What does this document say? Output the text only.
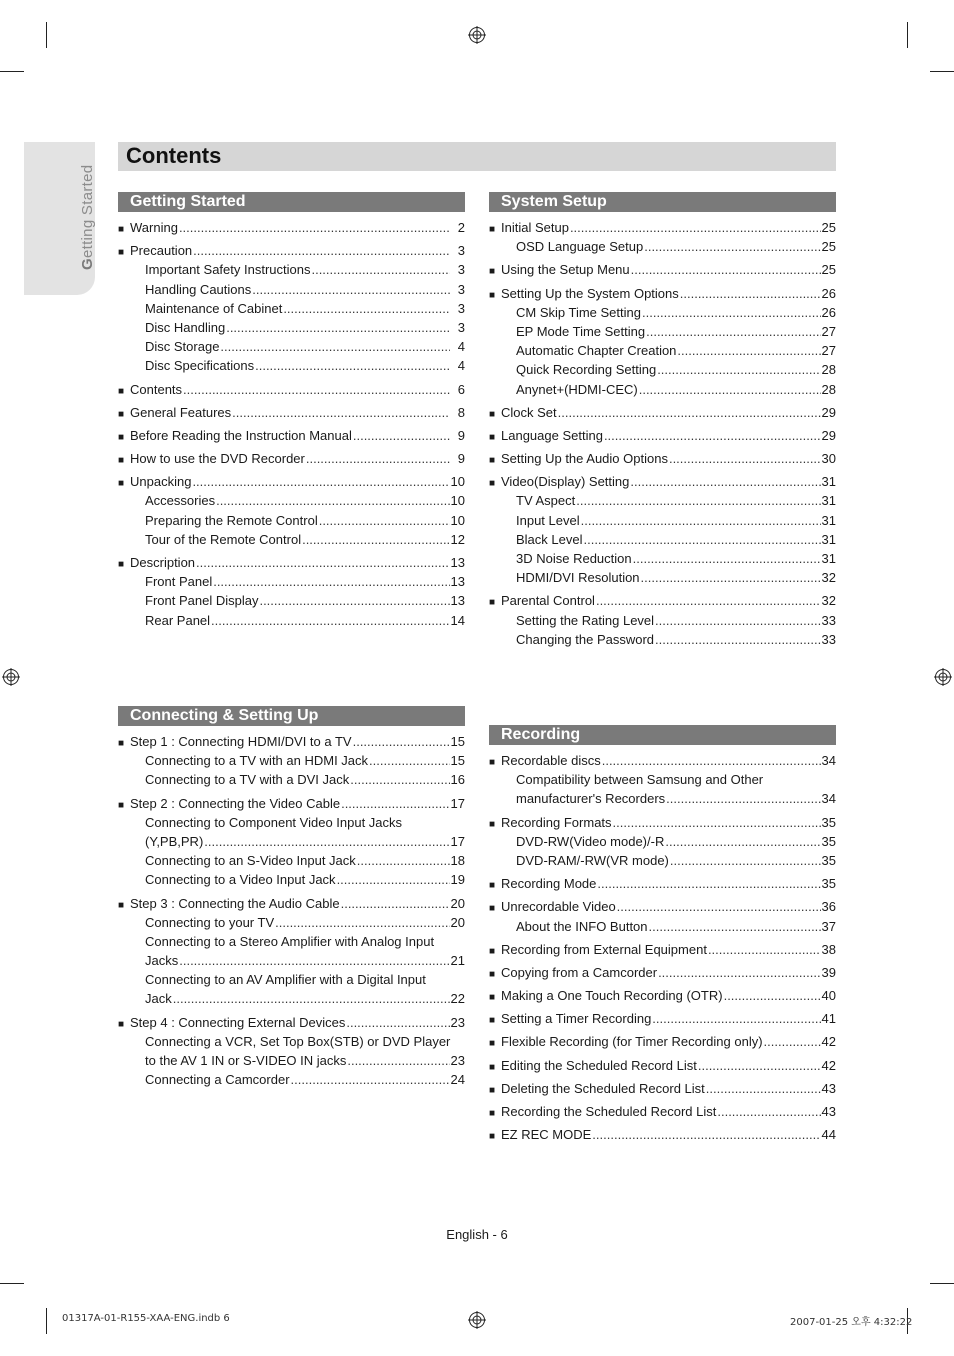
Getting Started
Contents
Getting Started
■ Warning .....	2
■ Precaution .....	3
Important Safety Instructions .....	3
Handling Cautions .....	3
Maintenance of Cabinet .....	3
Disc Handling .....	3
Disc Storage .....	4
Disc Specifications .....	4
■ Contents .....	6
■ General Features .....	8
■ Before Reading the Instruction Manual .....	9
■ How to use the DVD Recorder .....	9
■ Unpacking .....	10
Accessories .....	10
Preparing the Remote Control .....	10
Tour of the Remote Control .....	12
■ Description .....	13
Front Panel .....	13
Front Panel Display .....	13
Rear Panel .....	14
Connecting & Setting Up
■ Step 1 : Connecting HDMI/DVI to a TV .....	15
Connecting to a TV with an HDMI Jack .....	15
Connecting to a TV with a DVI Jack .....	16
■ Step 2 : Connecting the Video Cable .....	17
Connecting to Component Video Input Jacks
(Y,PB,PR) .....	17
Connecting to an S-Video Input Jack .....	18
Connecting to a Video Input Jack .....	19
■ Step 3 : Connecting the Audio Cable .....	20
Connecting to your TV .....	20
Connecting to a Stereo Amplifier with Analog Input
Jacks .....	21
Connecting to an AV Amplifier with a Digital Input
Jack .....	22
■ Step 4 : Connecting External Devices .....	23
Connecting a VCR, Set Top Box(STB) or DVD Player
to the AV 1 IN or S-VIDEO IN jacks .....	23
Connecting a Camcorder .....	24
System Setup
■ Initial Setup .....	25
OSD Language Setup .....	25
■ Using the Setup Menu .....	25
■ Setting Up the System Options .....	26
CM Skip Time Setting .....	26
EP Mode Time Setting .....	27
Automatic Chapter Creation .....	27
Quick Recording Setting .....	28
Anynet+(HDMI-CEC) .....	28
■ Clock Set .....	29
■ Language Setting .....	29
■ Setting Up the Audio Options .....	30
■ Video(Display) Setting .....	31
TV Aspect .....	31
Input Level .....	31
Black Level .....	31
3D Noise Reduction .....	31
HDMI/DVI Resolution .....	32
■ Parental Control .....	32
Setting the Rating Level .....	33
Changing the Password .....	33
Recording
■ Recordable discs .....	34
Compatibility between Samsung and Other
manufacturer's Recorders .....	34
■ Recording Formats .....	35
DVD-RW(Video mode)/-R .....	35
DVD-RAM/-RW(VR mode) .....	35
■ Recording Mode .....	35
■ Unrecordable Video .....	36
About the INFO Button .....	37
■ Recording from External Equipment .....	38
■ Copying from a Camcorder .....	39
■ Making a One Touch Recording (OTR) .....	40
■ Setting a Timer Recording .....	41
■ Flexible Recording (for Timer Recording only) .....	42
■ Editing the Scheduled Record List .....	42
■ Deleting the Scheduled Record List .....	43
■ Recording the Scheduled Record List .....	43
■ EZ REC MODE .....	44
English - 6
01317A-01-R155-XAA-ENG.indb 6	2007-01-25 오후 4:32:22
